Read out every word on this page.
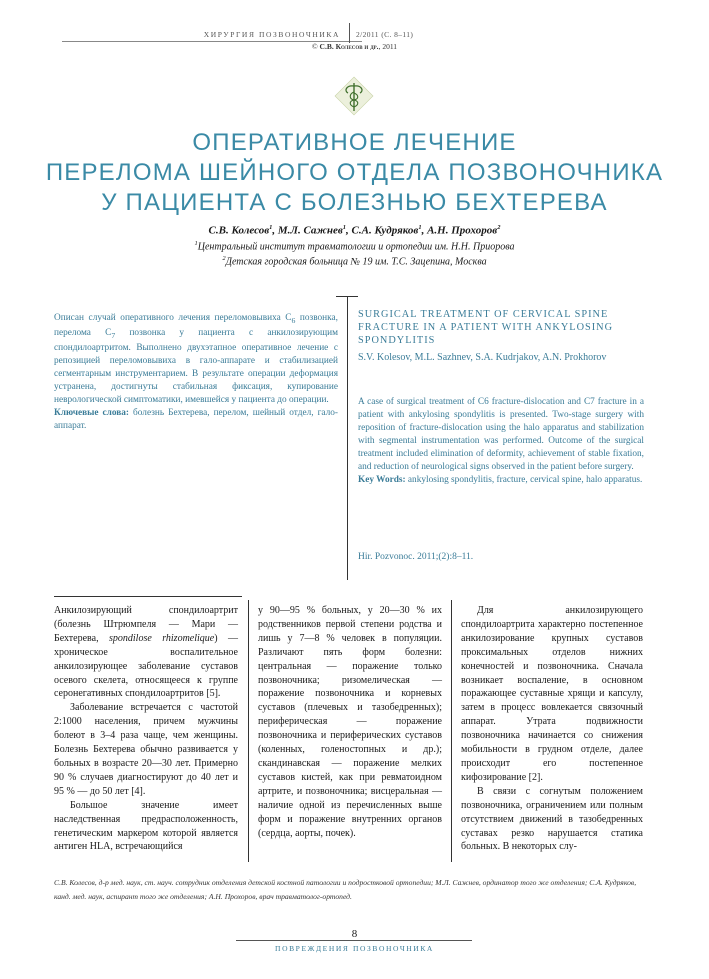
ХИРУРГИЯ ПОЗВОНОЧНИКА 2/2011 (С. 8–11)
© С.В. Колесов и др., 2011
ОПЕРАТИВНОЕ ЛЕЧЕНИЕ
ПЕРЕЛОМА ШЕЙНОГО ОТДЕЛА ПОЗВОНОЧНИКА
У ПАЦИЕНТА С БОЛЕЗНЬЮ БЕХТЕРЕВА
С.В. Колесов$^1$, М.Л. Сажнев$^1$, С.А. Кудряков$^1$, А.Н. Прохоров$^2$
$^1$Центральный институт травматологии и ортопедии им. Н.Н. Приорова
$^2$Детская городская больница № 19 им. Т.С. Зацепина, Москва
Описан случай оперативного лечения переломовывиха $C_6$ позвонка, перелома $C_7$ позвонка у пациента с анкилозирующим спондилоартритом. Выполнено двухэтапное оперативное лечение с репозицией переломовывиха в гало-аппарате и стабилизацией сегментарным инструментарием. В результате операции деформация устранена, достигнуты стабильная фиксация, купирование неврологической симптоматики, имевшейся у пациента до операции.
Ключевые слова: болезнь Бехтерева, перелом, шейный отдел, гало-аппарат.
SURGICAL TREATMENT OF CERVICAL SPINE FRACTURE IN A PATIENT WITH ANKYLOSING SPONDYLITIS
S.V. Kolesov, M.L. Sazhnev, S.A. Kudrjakov, A.N. Prokhorov
A case of surgical treatment of C6 fracture-dislocation and C7 fracture in a patient with ankylosing spondylitis is presented. Two-stage surgery with reposition of fracture-dislocation using the halo apparatus and stabilization with segmental instrumentation was performed. Outcome of the surgical treatment included elimination of deformity, achievement of stable fixation, and reduction of neurological signs observed in the patient before surgery.
Key Words: ankylosing spondylitis, fracture, cervical spine, halo apparatus.
Hir. Pozvonoc. 2011;(2):8–11.

Анкилозирующий спондилоартрит (болезнь Штрюмпеля — Мари — Бехтерева, spondilose rhizomelique) — хроническое воспалительное анкилозирующее заболевание суставов осевого скелета, относящееся к группе серонегативных спондилоартритов [5].

Заболевание встречается с частотой 2:1000 населения, причем мужчины болеют в 3–4 раза чаще, чем женщины. Болезнь Бехтерева обычно развивается у больных в возрасте 20—30 лет. Примерно 90 % случаев диагностируют до 40 лет и 95 % — до 50 лет [4].

Большое значение имеет наследственная предрасположенность, генетическим маркером которой является антиген HLA, встречающийся

у 90—95 % больных, у 20—30 % их родственников первой степени родства и лишь у 7—8 % человек в популяции. Различают пять форм болезни: центральная — поражение только позвоночника; ризомелическая — поражение позвоночника и корневых суставов (плечевых и тазобедренных); периферическая — поражение позвоночника и периферических суставов (коленных, голеностопных и др.); скандинавская — поражение мелких суставов кистей, как при ревматоидном артрите, и позвоночника; висцеральная — наличие одной из перечисленных выше форм и поражение внутренних органов (сердца, аорты, почек).

Для анкилозирующего спондилоартрита характерно постепенное анкилозирование крупных суставов проксимальных отделов нижних конечностей и позвоночника. Сначала возникает воспаление, в основном поражающее суставные хрящи и капсулу, затем в процесс вовлекается связочный аппарат. Утрата подвижности позвоночника начинается со снижения мобильности в грудном отделе, далее происходит его постепенное кифозирование [2].

В связи с согнутым положением позвоночника, ограничением или полным отсутствием движений в тазобедренных суставах резко нарушается статика больных. В некоторых слу-

С.В. Колесов, д-р мед. наук, ст. науч. сотрудник отделения детской костной патологии и подростковой ортопедии; М.Л. Сажнев, ординатор того же отделения; С.А. Кудряков, канд. мед. наук, аспирант того же отделения; А.Н. Прохоров, врач травматолог-ортопед.
8
ПОВРЕЖДЕНИЯ ПОЗВОНОЧНИКА
